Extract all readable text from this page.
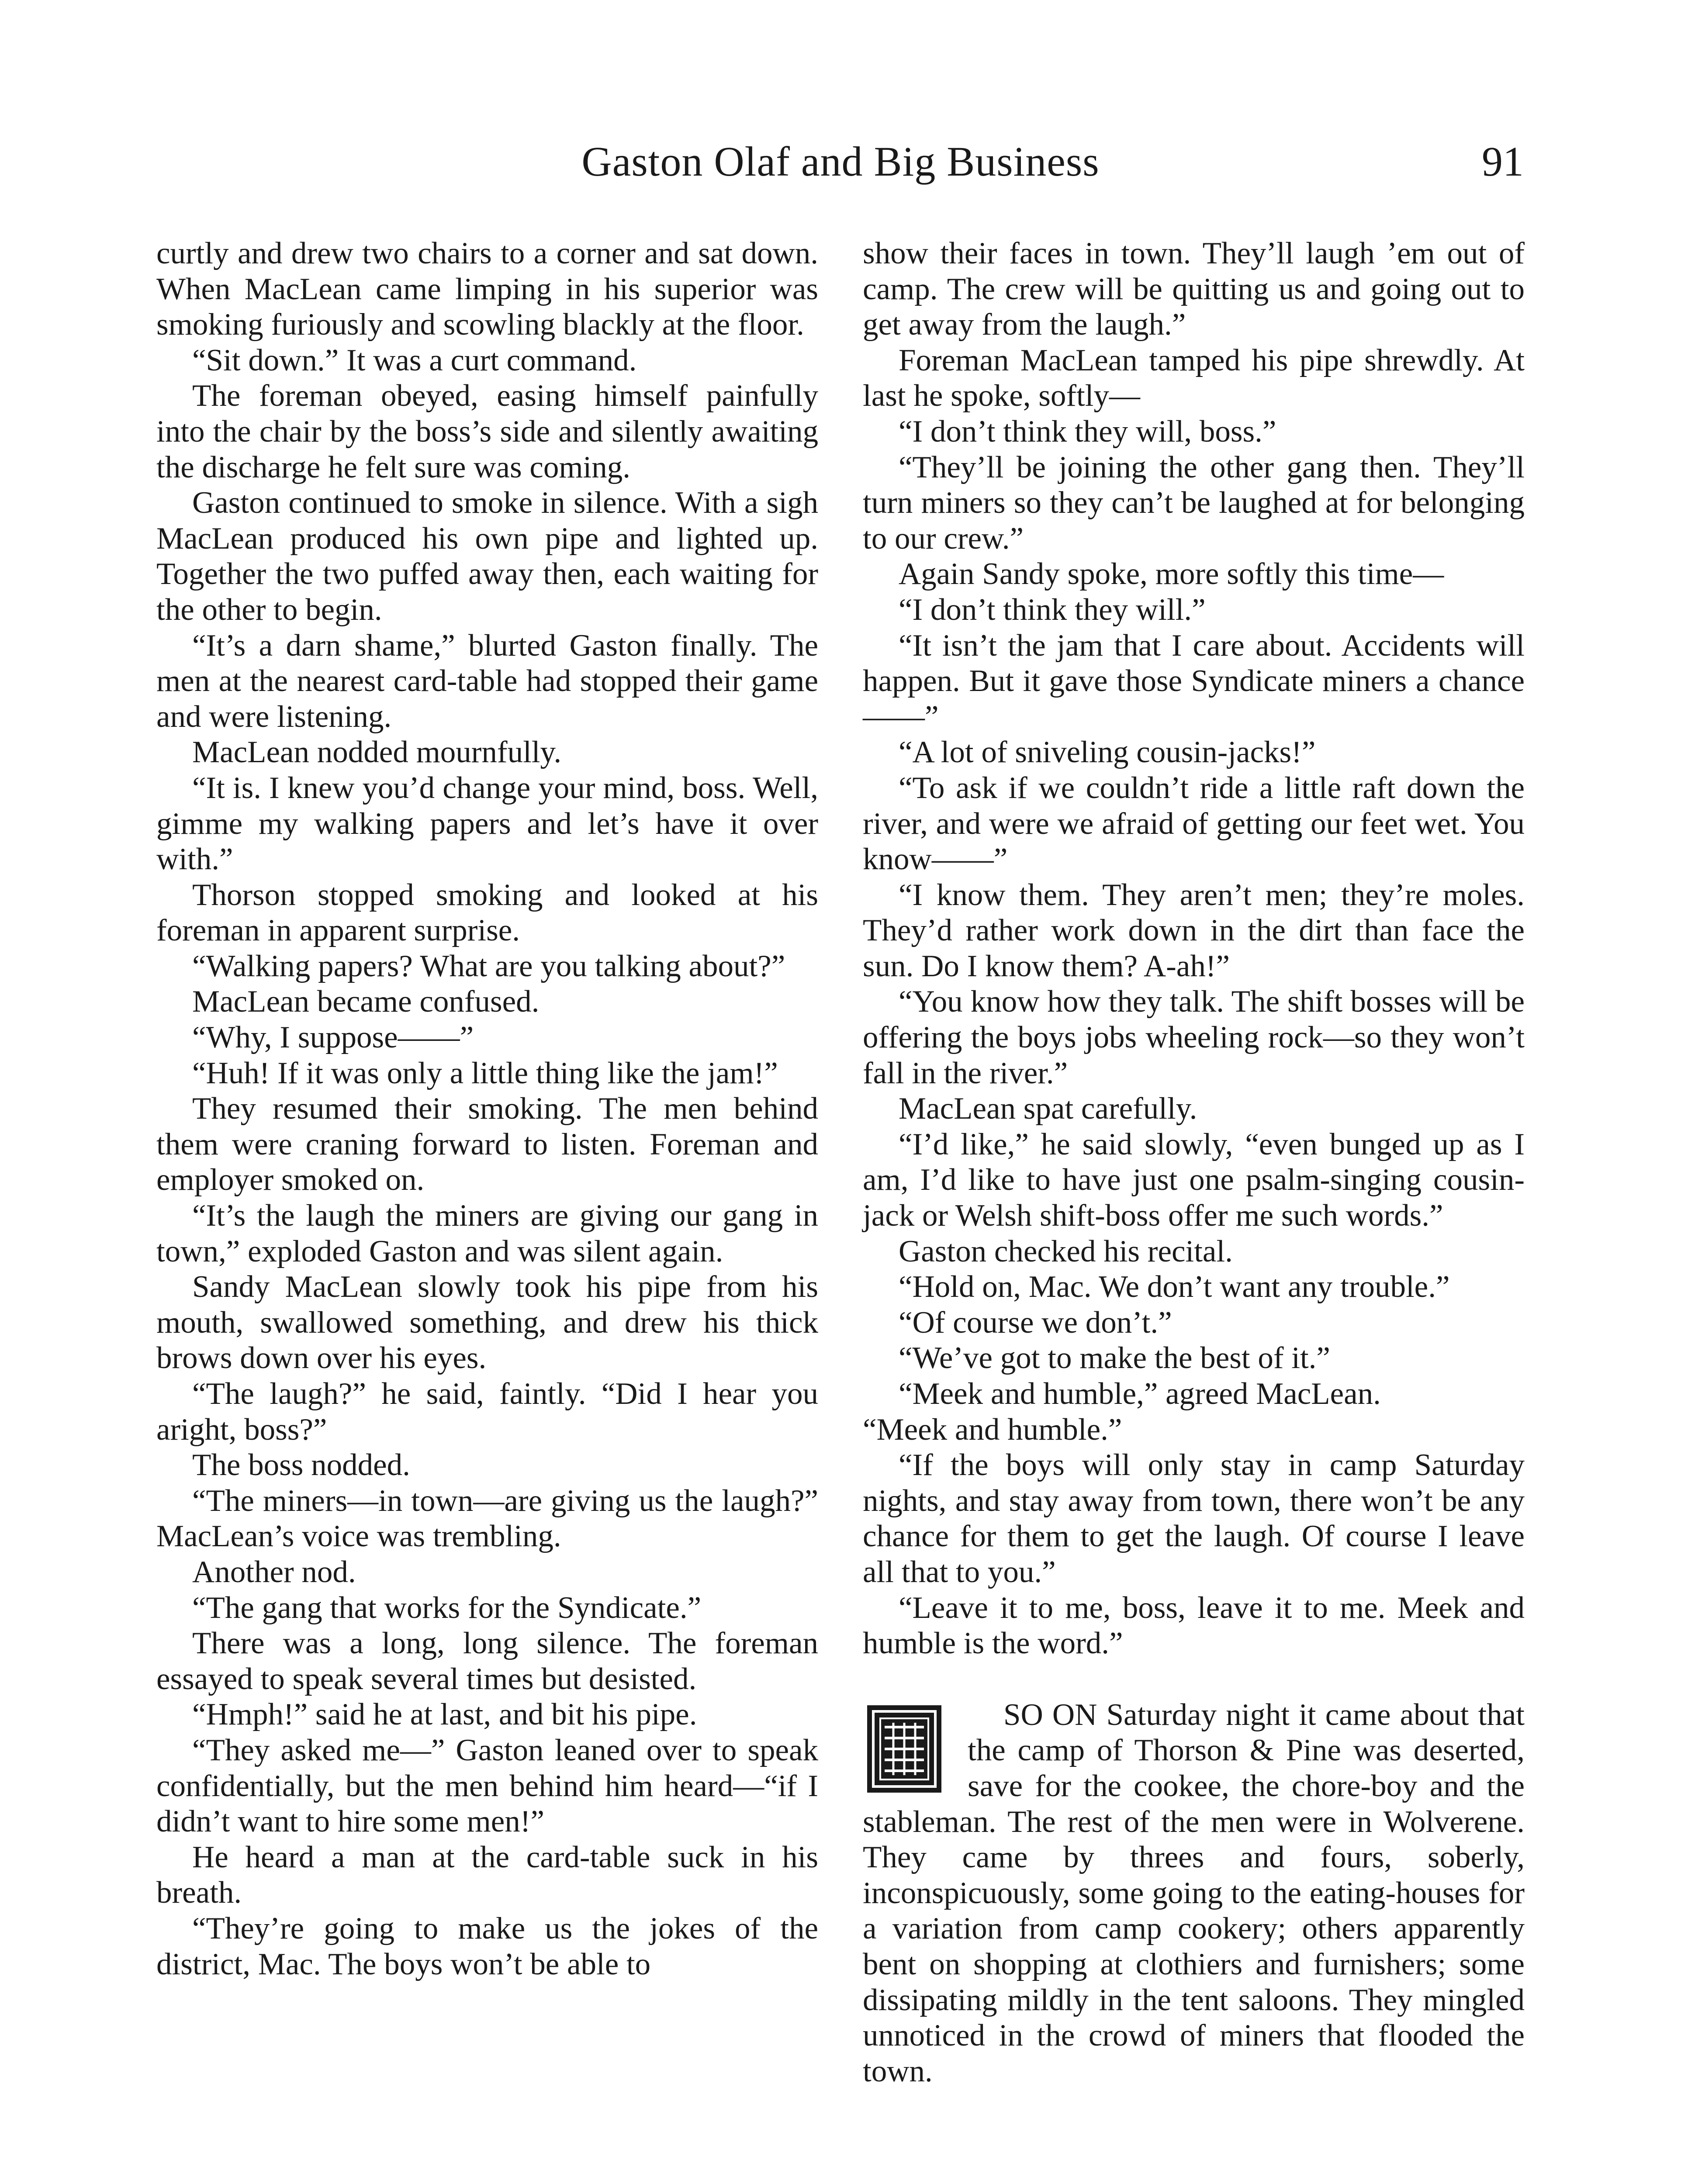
Gaston Olaf and Big Business	91

curtly and drew two chairs to a corner and sat down. When MacLean came limping in his superior was smoking furiously and scowling blackly at the floor.

“Sit down.” It was a curt command.

The foreman obeyed, easing himself painfully into the chair by the boss’s side and silently awaiting the discharge he felt sure was coming.

Gaston continued to smoke in silence. With a sigh MacLean produced his own pipe and lighted up. Together the two puffed away then, each waiting for the other to begin.

“It’s a darn shame,” blurted Gaston finally. The men at the nearest card-table had stopped their game and were listening.

MacLean nodded mournfully.

“It is. I knew you’d change your mind, boss. Well, gimme my walking papers and let’s have it over with.”

Thorson stopped smoking and looked at his foreman in apparent surprise.

“Walking papers? What are you talking about?”

MacLean became confused.

“Why, I suppose——”

“Huh! If it was only a little thing like the jam!”

They resumed their smoking. The men behind them were craning forward to listen. Foreman and employer smoked on.

“It’s the laugh the miners are giving our gang in town,” exploded Gaston and was silent again.

Sandy MacLean slowly took his pipe from his mouth, swallowed something, and drew his thick brows down over his eyes.

“The laugh?” he said, faintly. “Did I hear you aright, boss?”

The boss nodded.

“The miners—in town—are giving us the laugh?” MacLean’s voice was trembling.

Another nod.

“The gang that works for the Syndicate.”

There was a long, long silence. The foreman essayed to speak several times but desisted.

“Hmph!” said he at last, and bit his pipe.

“They asked me—” Gaston leaned over to speak confidentially, but the men behind him heard—“if I didn’t want to hire some men!”

He heard a man at the card-table suck in his breath.

“They’re going to make us the jokes of the district, Mac. The boys won’t be able to

show their faces in town. They’ll laugh ’em out of camp. The crew will be quitting us and going out to get away from the laugh.”

Foreman MacLean tamped his pipe shrewdly. At last he spoke, softly—

“I don’t think they will, boss.”

“They’ll be joining the other gang then. They’ll turn miners so they can’t be laughed at for belonging to our crew.”

Again Sandy spoke, more softly this time—

“I don’t think they will.”

“It isn’t the jam that I care about. Accidents will happen. But it gave those Syndicate miners a chance——”

“A lot of sniveling cousin-jacks!”

“To ask if we couldn’t ride a little raft down the river, and were we afraid of getting our feet wet. You know——”

“I know them. They aren’t men; they’re moles. They’d rather work down in the dirt than face the sun. Do I know them? A-ah!”

“You know how they talk. The shift bosses will be offering the boys jobs wheeling rock—so they won’t fall in the river.”

MacLean spat carefully.

“I’d like,” he said slowly, “even bunged up as I am, I’d like to have just one psalm-singing cousin-jack or Welsh shift-boss offer me such words.”

Gaston checked his recital.

“Hold on, Mac. We don’t want any trouble.”

“Of course we don’t.”

“We’ve got to make the best of it.”

“Meek and humble,” agreed MacLean.

“Meek and humble.”

“If the boys will only stay in camp Saturday nights, and stay away from town, there won’t be any chance for them to get the laugh. Of course I leave all that to you.”

“Leave it to me, boss, leave it to me. Meek and humble is the word.”

SO ON Saturday night it came about that the camp of Thorson & Pine was deserted, save for the cookee, the chore-boy and the stableman. The rest of the men were in Wolverene. They came by threes and fours, soberly, inconspicuously, some going to the eating-houses for a variation from camp cookery; others apparently bent on shopping at clothiers and furnishers; some dissipating mildly in the tent saloons. They mingled unnoticed in the crowd of miners that flooded the town.
